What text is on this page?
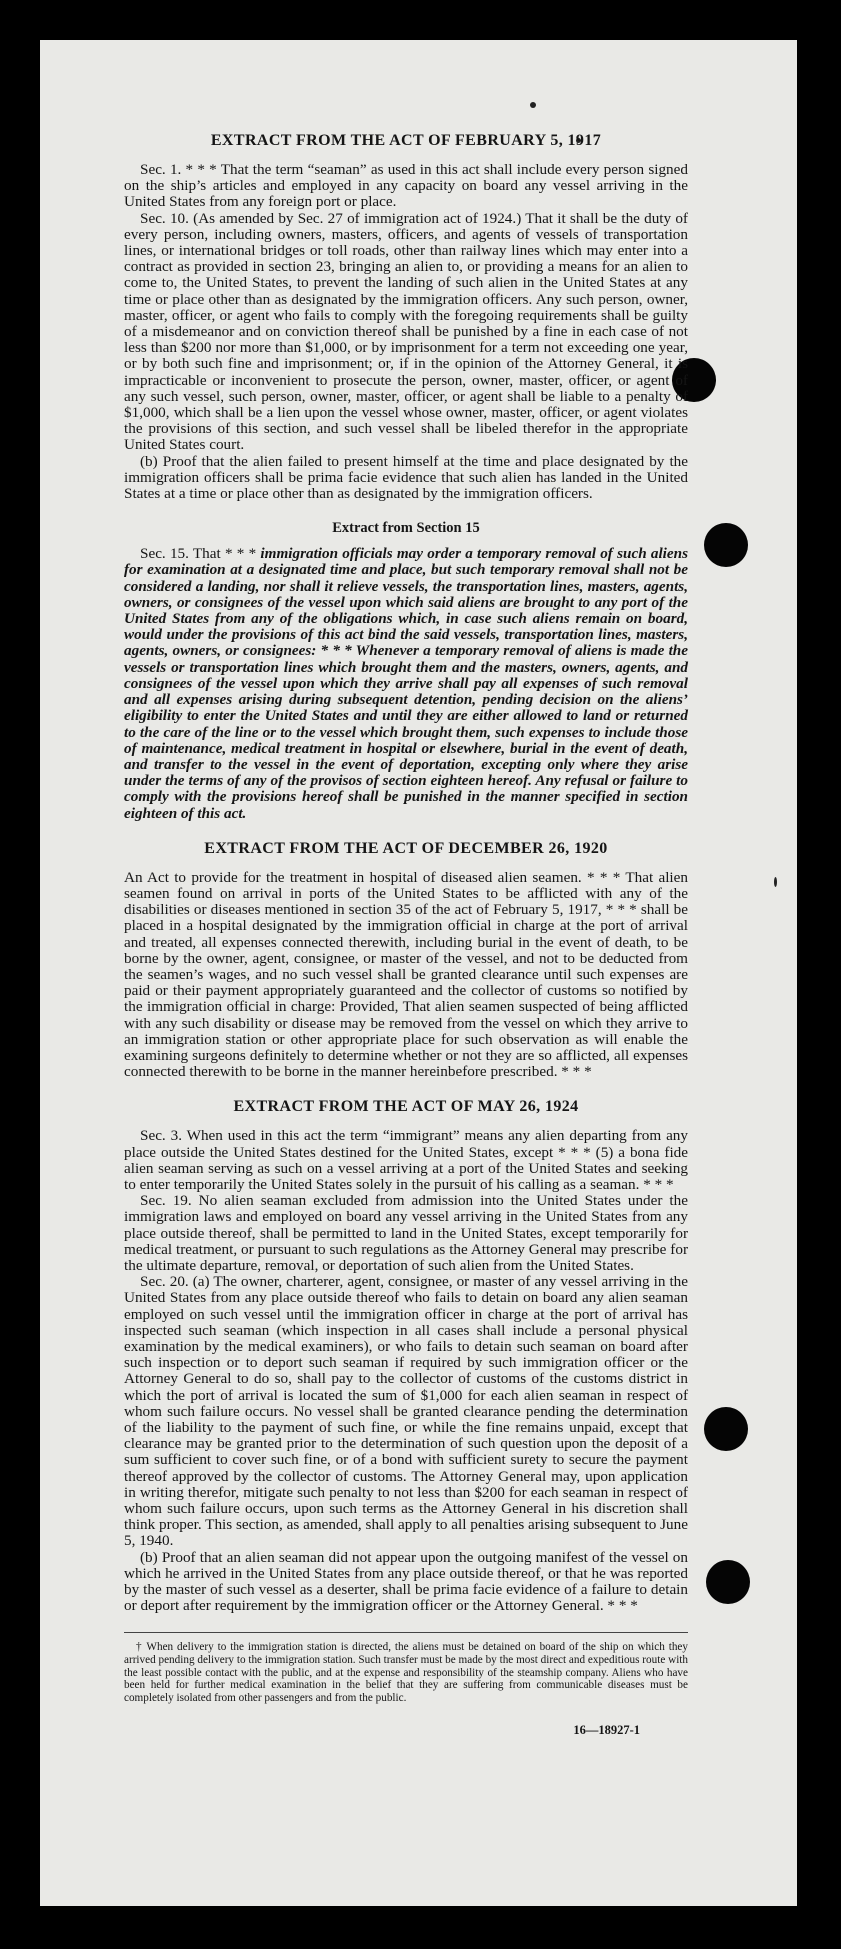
EXTRACT FROM THE ACT OF FEBRUARY 5, 1917

Sec. 1. * * * That the term “seaman” as used in this act shall include every person signed on the ship’s articles and employed in any capacity on board any vessel arriving in the United States from any foreign port or place.

Sec. 10. (As amended by Sec. 27 of immigration act of 1924.) That it shall be the duty of every person, including owners, masters, officers, and agents of vessels of transportation lines, or international bridges or toll roads, other than railway lines which may enter into a contract as provided in section 23, bringing an alien to, or providing a means for an alien to come to, the United States, to prevent the landing of such alien in the United States at any time or place other than as designated by the immigration officers. Any such person, owner, master, officer, or agent who fails to comply with the foregoing requirements shall be guilty of a misdemeanor and on conviction thereof shall be punished by a fine in each case of not less than $200 nor more than $1,000, or by imprisonment for a term not exceeding one year, or by both such fine and imprisonment; or, if in the opinion of the Attorney General, it is impracticable or inconvenient to prosecute the person, owner, master, officer, or agent of any such vessel, such person, owner, master, officer, or agent shall be liable to a penalty of $1,000, which shall be a lien upon the vessel whose owner, master, officer, or agent violates the provisions of this section, and such vessel shall be libeled therefor in the appropriate United States court.

(b) Proof that the alien failed to present himself at the time and place designated by the immigration officers shall be prima facie evidence that such alien has landed in the United States at a time or place other than as designated by the immigration officers.

Extract from Section 15

Sec. 15. That * * * immigration officials may order a temporary removal of such aliens for examination at a designated time and place, but such temporary removal shall not be considered a landing, nor shall it relieve vessels, the transportation lines, masters, agents, owners, or consignees of the vessel upon which said aliens are brought to any port of the United States from any of the obligations which, in case such aliens remain on board, would under the provisions of this act bind the said vessels, transportation lines, masters, agents, owners, or consignees: * * * Whenever a temporary removal of aliens is made the vessels or transportation lines which brought them and the masters, owners, agents, and consignees of the vessel upon which they arrive shall pay all expenses of such removal and all expenses arising during subsequent detention, pending decision on the aliens’ eligibility to enter the United States and until they are either allowed to land or returned to the care of the line or to the vessel which brought them, such expenses to include those of maintenance, medical treatment in hospital or elsewhere, burial in the event of death, and transfer to the vessel in the event of deportation, excepting only where they arise under the terms of any of the provisos of section eighteen hereof. Any refusal or failure to comply with the provisions hereof shall be punished in the manner specified in section eighteen of this act.

EXTRACT FROM THE ACT OF DECEMBER 26, 1920

An Act to provide for the treatment in hospital of diseased alien seamen. * * * That alien seamen found on arrival in ports of the United States to be afflicted with any of the disabilities or diseases mentioned in section 35 of the act of February 5, 1917, * * * shall be placed in a hospital designated by the immigration official in charge at the port of arrival and treated, all expenses connected therewith, including burial in the event of death, to be borne by the owner, agent, consignee, or master of the vessel, and not to be deducted from the seamen’s wages, and no such vessel shall be granted clearance until such expenses are paid or their payment appropriately guaranteed and the collector of customs so notified by the immigration official in charge: Provided, That alien seamen suspected of being afflicted with any such disability or disease may be removed from the vessel on which they arrive to an immigration station or other appropriate place for such observation as will enable the examining surgeons definitely to determine whether or not they are so afflicted, all expenses connected therewith to be borne in the manner hereinbefore prescribed. * * *

EXTRACT FROM THE ACT OF MAY 26, 1924

Sec. 3. When used in this act the term “immigrant” means any alien departing from any place outside the United States destined for the United States, except * * * (5) a bona fide alien seaman serving as such on a vessel arriving at a port of the United States and seeking to enter temporarily the United States solely in the pursuit of his calling as a seaman. * * *

Sec. 19. No alien seaman excluded from admission into the United States under the immigration laws and employed on board any vessel arriving in the United States from any place outside thereof, shall be permitted to land in the United States, except temporarily for medical treatment, or pursuant to such regulations as the Attorney General may prescribe for the ultimate departure, removal, or deportation of such alien from the United States.

Sec. 20. (a) The owner, charterer, agent, consignee, or master of any vessel arriving in the United States from any place outside thereof who fails to detain on board any alien seaman employed on such vessel until the immigration officer in charge at the port of arrival has inspected such seaman (which inspection in all cases shall include a personal physical examination by the medical examiners), or who fails to detain such seaman on board after such inspection or to deport such seaman if required by such immigration officer or the Attorney General to do so, shall pay to the collector of customs of the customs district in which the port of arrival is located the sum of $1,000 for each alien seaman in respect of whom such failure occurs. No vessel shall be granted clearance pending the determination of the liability to the payment of such fine, or while the fine remains unpaid, except that clearance may be granted prior to the determination of such question upon the deposit of a sum sufficient to cover such fine, or of a bond with sufficient surety to secure the payment thereof approved by the collector of customs. The Attorney General may, upon application in writing therefor, mitigate such penalty to not less than $200 for each seaman in respect of whom such failure occurs, upon such terms as the Attorney General in his discretion shall think proper. This section, as amended, shall apply to all penalties arising subsequent to June 5, 1940.

(b) Proof that an alien seaman did not appear upon the outgoing manifest of the vessel on which he arrived in the United States from any place outside thereof, or that he was reported by the master of such vessel as a deserter, shall be prima facie evidence of a failure to detain or deport after requirement by the immigration officer or the Attorney General. * * *

† When delivery to the immigration station is directed, the aliens must be detained on board of the ship on which they arrived pending delivery to the immigration station. Such transfer must be made by the most direct and expeditious route with the least possible contact with the public, and at the expense and responsibility of the steamship company. Aliens who have been held for further medical examination in the belief that they are suffering from communicable diseases must be completely isolated from other passengers and from the public.

16—18927-1
